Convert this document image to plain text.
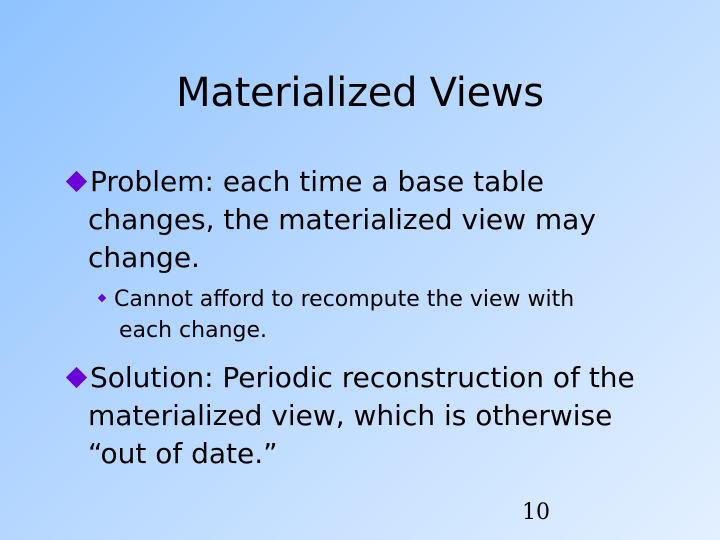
Materialized Views
Problem: each time a base table
changes, the materialized view may
change.
Cannot afford to recompute the view with
each change.
Solution: Periodic reconstruction of the
materialized view, which is otherwise
“out of date.”
10
